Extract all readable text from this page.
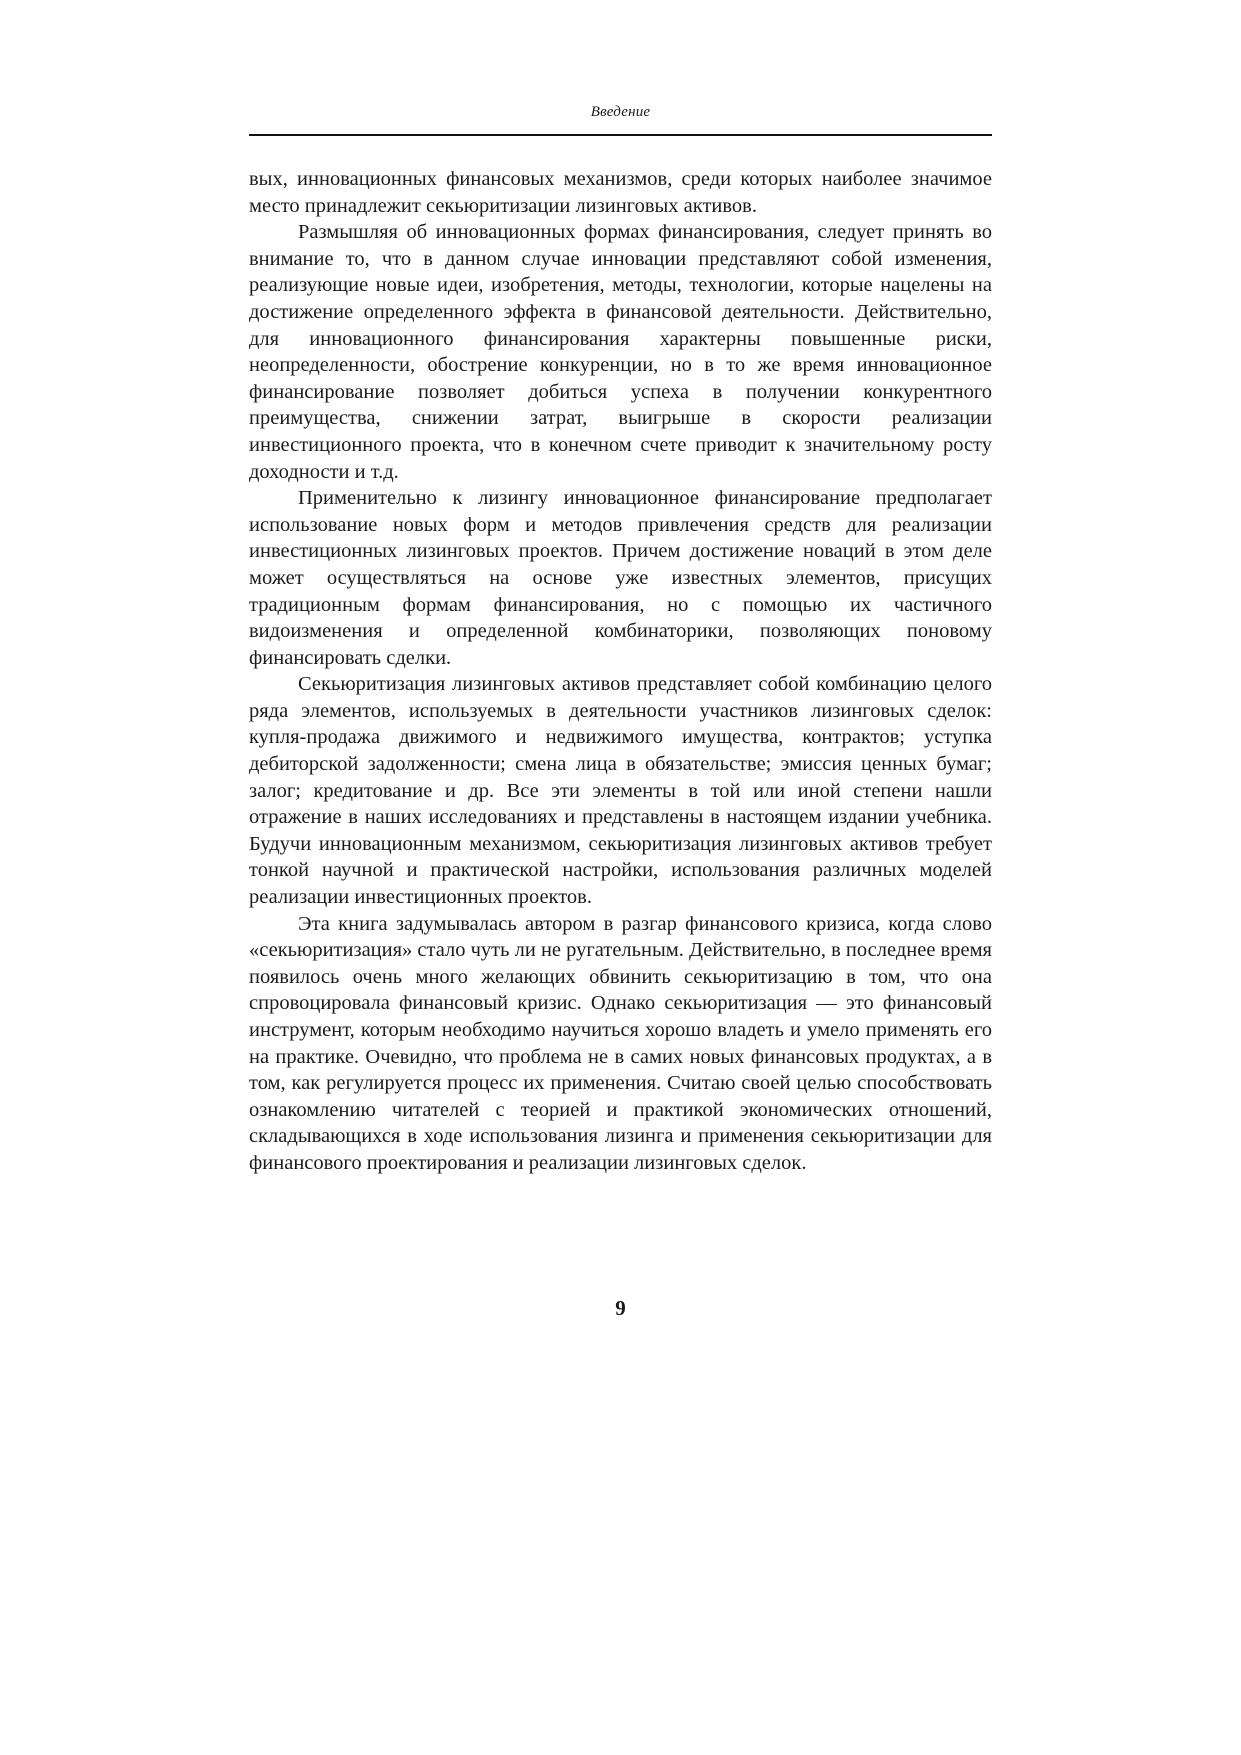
Введение

вых, инновационных финансовых механизмов, среди которых наиболее значимое место принадлежит секьюритизации лизинговых активов.

Размышляя об инновационных формах финансирования, следует принять во внимание то, что в данном случае инновации представляют собой изменения, реализующие новые идеи, изобретения, методы, технологии, которые нацелены на достижение определенного эффекта в финансовой деятельности. Действительно, для инновационного финансирования характерны повышенные риски, неопределенности, обострение конкуренции, но в то же время инновационное финансирование позволяет добиться успеха в получении конкурентного преимущества, снижении затрат, выигрыше в скорости реализации инвестиционного проекта, что в конечном счете приводит к значительному росту доходности и т.д.

Применительно к лизингу инновационное финансирование предполагает использование новых форм и методов привлечения средств для реализации инвестиционных лизинговых проектов. Причем достижение новаций в этом деле может осуществляться на основе уже известных элементов, присущих традиционным формам финансирования, но с помощью их частичного видоизменения и определенной комбинаторики, позволяющих поновому финансировать сделки.

Секьюритизация лизинговых активов представляет собой комбинацию целого ряда элементов, используемых в деятельности участников лизинговых сделок: купля-продажа движимого и недвижимого имущества, контрактов; уступка дебиторской задолженности; смена лица в обязательстве; эмиссия ценных бумаг; залог; кредитование и др. Все эти элементы в той или иной степени нашли отражение в наших исследованиях и представлены в настоящем издании учебника. Будучи инновационным механизмом, секьюритизация лизинговых активов требует тонкой научной и практической настройки, использования различных моделей реализации инвестиционных проектов.

Эта книга задумывалась автором в разгар финансового кризиса, когда слово «секьюритизация» стало чуть ли не ругательным. Действительно, в последнее время появилось очень много желающих обвинить секьюритизацию в том, что она спровоцировала финансовый кризис. Однако секьюритизация — это финансовый инструмент, которым необходимо научиться хорошо владеть и умело применять его на практике. Очевидно, что проблема не в самих новых финансовых продуктах, а в том, как регулируется процесс их применения. Считаю своей целью способствовать ознакомлению читателей с теорией и практикой экономических отношений, складывающихся в ходе использования лизинга и применения секьюритизации для финансового проектирования и реализации лизинговых сделок.

9
